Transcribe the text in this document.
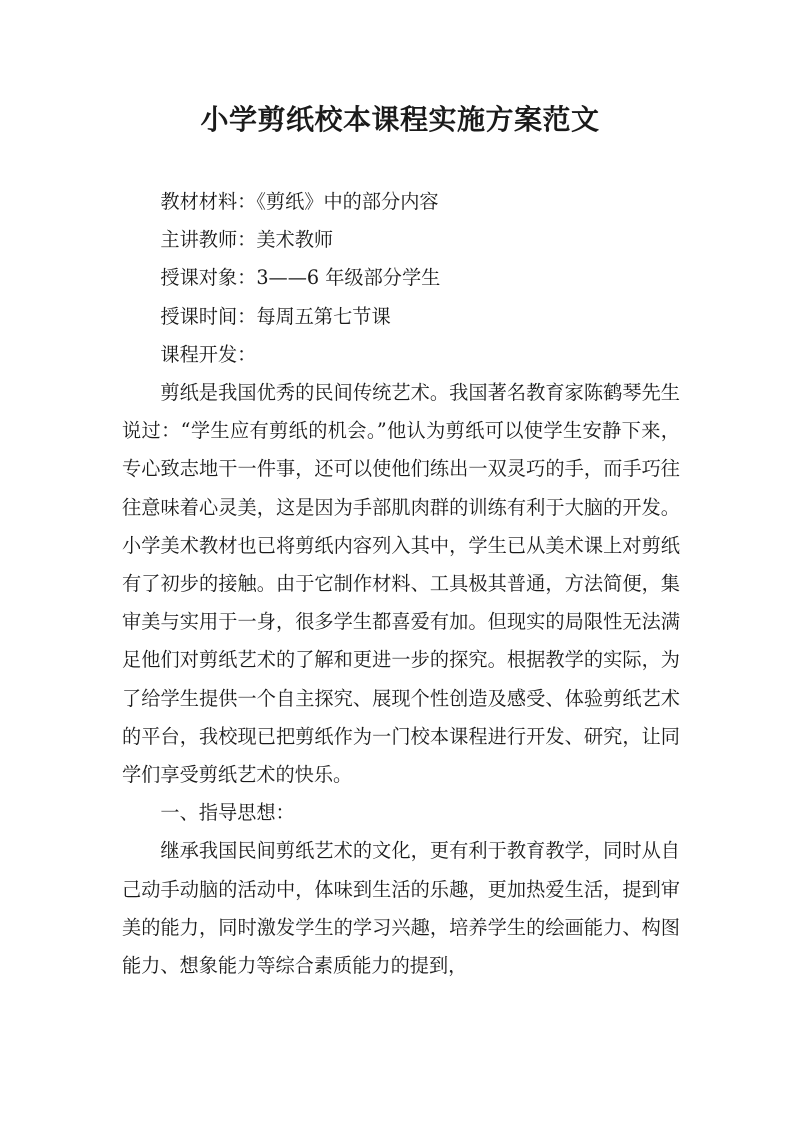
小学剪纸校本课程实施方案范文

教材材料：《剪纸》中的部分内容

主讲教师：美术教师

授课对象：3——6 年级部分学生

授课时间：每周五第七节课

课程开发：

剪纸是我国优秀的民间传统艺术。我国著名教育家陈鹤琴先生说过：“学生应有剪纸的机会。”他认为剪纸可以使学生安静下来，专心致志地干一件事，还可以使他们练出一双灵巧的手，而手巧往往意味着心灵美，这是因为手部肌肉群的训练有利于大脑的开发。小学美术教材也已将剪纸内容列入其中，学生已从美术课上对剪纸有了初步的接触。由于它制作材料、工具极其普通，方法简便，集审美与实用于一身，很多学生都喜爱有加。但现实的局限性无法满足他们对剪纸艺术的了解和更进一步的探究。根据教学的实际，为了给学生提供一个自主探究、展现个性创造及感受、体验剪纸艺术的平台，我校现已把剪纸作为一门校本课程进行开发、研究，让同学们享受剪纸艺术的快乐。

一、指导思想：

继承我国民间剪纸艺术的文化，更有利于教育教学，同时从自己动手动脑的活动中，体味到生活的乐趣，更加热爱生活，提到审美的能力，同时激发学生的学习兴趣，培养学生的绘画能力、构图能力、想象能力等综合素质能力的提到，
